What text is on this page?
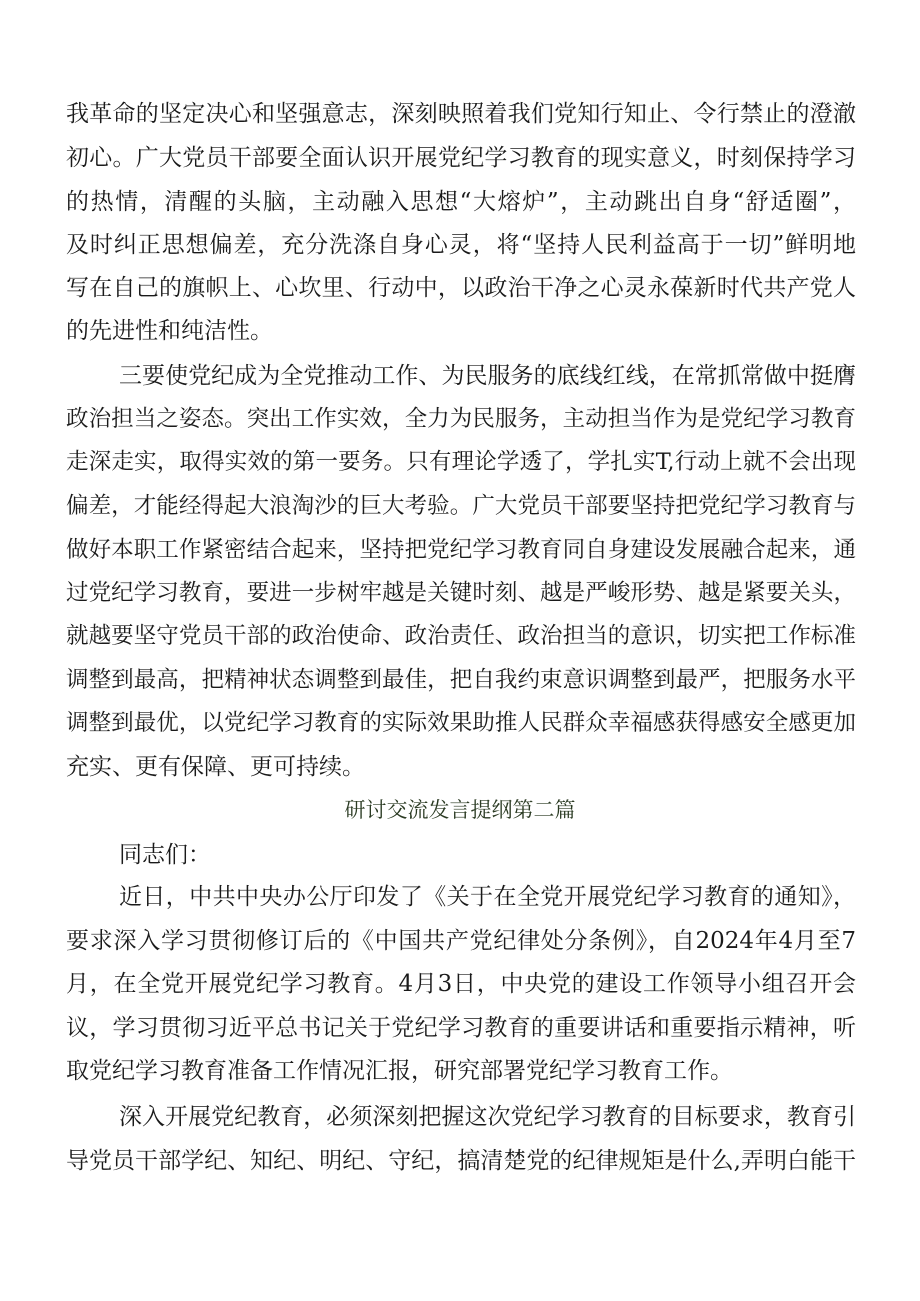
我革命的坚定决心和坚强意志，深刻映照着我们党知行知止、令行禁止的澄澈
初心。广大党员干部要全面认识开展党纪学习教育的现实意义，时刻保持学习
的热情，清醒的头脑，主动融入思想“大熔炉”，主动跳出自身“舒适圈”，
及时纠正思想偏差，充分洗涤自身心灵，将“坚持人民利益高于一切”鲜明地
写在自己的旗帜上、心坎里、行动中，以政治干净之心灵永葆新时代共产党人
的先进性和纯洁性。
三要使党纪成为全党推动工作、为民服务的底线红线，在常抓常做中挺膺
政治担当之姿态。突出工作实效，全力为民服务，主动担当作为是党纪学习教育
走深走实，取得实效的第一要务。只有理论学透了，学扎实T,行动上就不会出现
偏差，才能经得起大浪淘沙的巨大考验。广大党员干部要坚持把党纪学习教育与
做好本职工作紧密结合起来，坚持把党纪学习教育同自身建设发展融合起来，通
过党纪学习教育，要进一步树牢越是关键时刻、越是严峻形势、越是紧要关头，
就越要坚守党员干部的政治使命、政治责任、政治担当的意识，切实把工作标准
调整到最高，把精神状态调整到最佳，把自我约束意识调整到最严，把服务水平
调整到最优，以党纪学习教育的实际效果助推人民群众幸福感获得感安全感更加
充实、更有保障、更可持续。
研讨交流发言提纲第二篇
同志们：
近日，中共中央办公厅印发了《关于在全党开展党纪学习教育的通知》，
要求深入学习贯彻修订后的《中国共产党纪律处分条例》，自2024年4月至7
月，在全党开展党纪学习教育。4月3日，中央党的建设工作领导小组召开会
议，学习贯彻习近平总书记关于党纪学习教育的重要讲话和重要指示精神，听
取党纪学习教育准备工作情况汇报，研究部署党纪学习教育工作。
深入开展党纪教育，必须深刻把握这次党纪学习教育的目标要求，教育引
导党员干部学纪、知纪、明纪、守纪，搞清楚党的纪律规矩是什么,弄明白能干
